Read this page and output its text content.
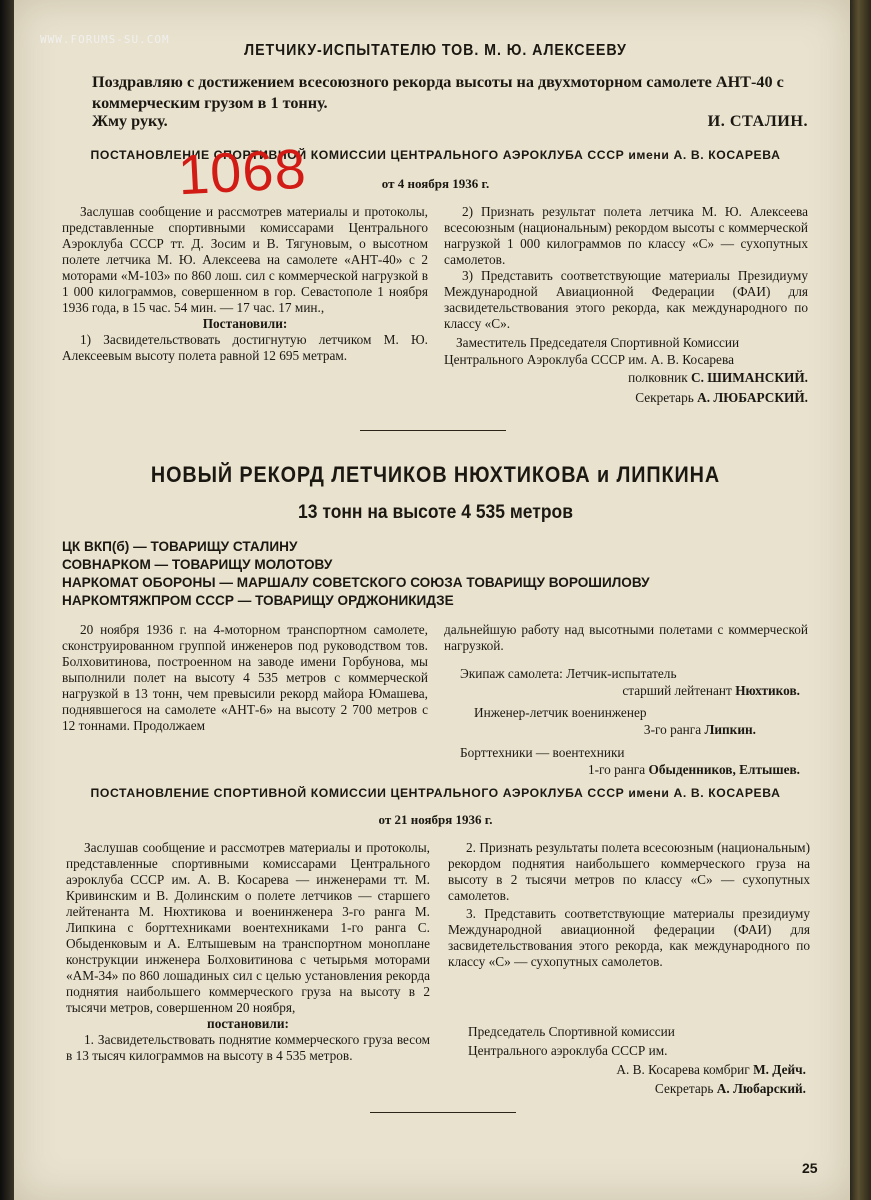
WWW.FORUMS-SU.COM
ЛЕТЧИКУ-ИСПЫТАТЕЛЮ ТОВ. М. Ю. АЛЕКСЕЕВУ
Поздравляю с достижением всесоюзного рекорда высоты на двухмоторном самолете АНТ-40 с коммерческим грузом в 1 тонну.
Жму руку.	И. СТАЛИН.
ПОСТАНОВЛЕНИЕ СПОРТИВНОЙ КОМИССИИ ЦЕНТРАЛЬНОГО АЭРОКЛУБА СССР имени А. В. КОСАРЕВА
от 4 ноября 1936 г.
1068

Заслушав сообщение и рассмотрев материалы и протоколы, представленные спортивными комиссарами Центрального Аэроклуба СССР тт. Д. Зосим и В. Тягуновым, о высотном полете летчика М. Ю. Алексеева на самолете «АНТ-40» с 2 моторами «М-103» по 860 лош. сил с коммерческой нагрузкой в 1 000 килограммов, совершенном в гор. Севастополе 1 ноября 1936 года, в 15 час. 54 мин. — 17 час. 17 мин.,

Постановили:

1) Засвидетельствовать достигнутую летчиком М. Ю. Алексеевым высоту полета равной 12 695 метрам.

2) Признать результат полета летчика М. Ю. Алексеева всесоюзным (национальным) рекордом высоты с коммерческой нагрузкой 1 000 килограммов по классу «С» — сухопутных самолетов.

3) Представить соответствующие материалы Президиуму Международной Авиационной Федерации (ФАИ) для засвидетельствования этого рекорда, как международного по классу «С».

Заместитель Председателя Спортивной Комиссии
Центрального Аэроклуба СССР им. А. В. Косарева
полковник С. ШИМАНСКИЙ.
Секретарь А. ЛЮБАРСКИЙ.
НОВЫЙ РЕКОРД ЛЕТЧИКОВ НЮХТИКОВА и ЛИПКИНА
13 тонн на высоте 4 535 метров
ЦК ВКП(б) — ТОВАРИЩУ СТАЛИНУ
СОВНАРКОМ — ТОВАРИЩУ МОЛОТОВУ
НАРКОМАТ ОБОРОНЫ — МАРШАЛУ СОВЕТСКОГО СОЮЗА ТОВАРИЩУ ВОРОШИЛОВУ
НАРКОМТЯЖПРОМ СССР — ТОВАРИЩУ ОРДЖОНИКИДЗЕ

20 ноября 1936 г. на 4-моторном транспортном самолете, сконструированном группой инженеров под руководством тов. Болховитинова, построенном на заводе имени Горбунова, мы выполнили полет на высоту 4 535 метров с коммерческой нагрузкой в 13 тонн, чем превысили рекорд майора Юмашева, поднявшегося на самолете «АНТ-6» на высоту 2 700 метров с 12 тоннами. Продолжаем

дальнейшую работу над высотными полетами с коммерческой нагрузкой.

Экипаж самолета: Летчик-испытатель
старший лейтенант Нюхтиков.
Инженер-летчик военинженер
3-го ранга Липкин.
Борттехники — воентехники
1-го ранга Обыденников, Елтышев.
ПОСТАНОВЛЕНИЕ СПОРТИВНОЙ КОМИССИИ ЦЕНТРАЛЬНОГО АЭРОКЛУБА СССР имени А. В. КОСАРЕВА
от 21 ноября 1936 г.

Заслушав сообщение и рассмотрев материалы и протоколы, представленные спортивными комиссарами Центрального аэроклуба СССР им. А. В. Косарева — инженерами тт. М. Кривинским и В. Долинским о полете летчиков — старшего лейтенанта М. Нюхтикова и военинженера 3-го ранга М. Липкина с борттехниками воентехниками 1-го ранга С. Обыденковым и А. Елтышевым на транспортном моноплане конструкции инженера Болховитинова с четырьмя моторами «АМ-34» по 860 лошадиных сил с целью установления рекорда поднятия наибольшего коммерческого груза на высоту в 2 тысячи метров, совершенном 20 ноября,

постановили:

1. Засвидетельствовать поднятие коммерческого груза весом в 13 тысяч килограммов на высоту в 4 535 метров.

2. Признать результаты полета всесоюзным (национальным) рекордом поднятия наибольшего коммерческого груза на высоту в 2 тысячи метров по классу «С» — сухопутных самолетов.

3. Представить соответствующие материалы президиуму Международной авиационной федерации (ФАИ) для засвидетельствования этого рекорда, как международного по классу «С» — сухопутных самолетов.

Председатель Спортивной комиссии
Центрального аэроклуба СССР им.
А. В. Косарева комбриг М. Дейч.
Секретарь А. Любарский.
25
